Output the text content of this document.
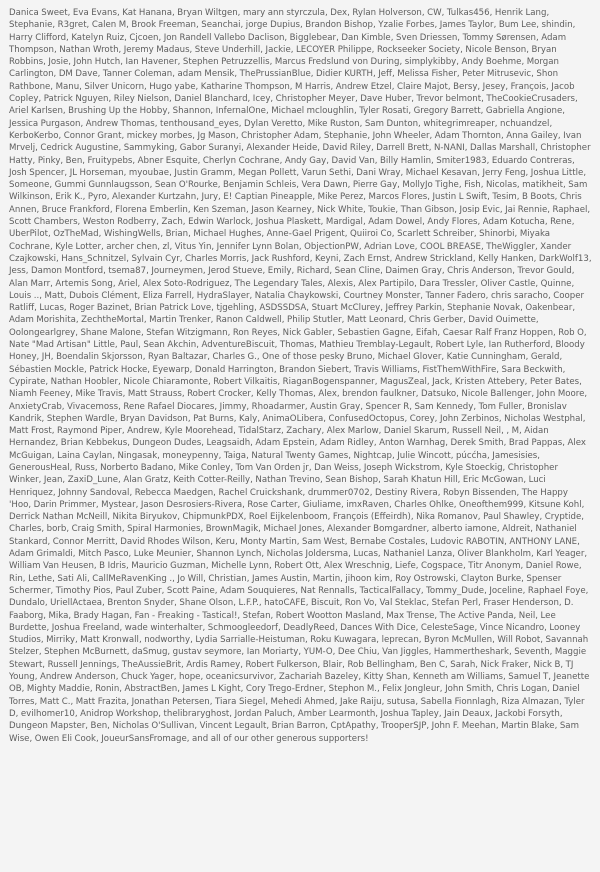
Danica Sweet, Eva Evans, Kat Hanana, Bryan Wiltgen, mary ann styrczula, Dex, Rylan Holverson, CW, Tulkas456, Henrik Lang, Stephanie, R3gret, Calen M, Brook Freeman, Seanchai, jorge Dupius, Brandon Bishop, Yzalie Forbes, James Taylor, Bum Lee, shindin, Harry Clifford, Katelyn Ruiz, Cjcoen, Jon Randell Vallebo Daclison, Bigglebear, Dan Kimble, Sven Driessen, Tommy Sørensen, Adam Thompson, Nathan Wroth, Jeremy Madaus, Steve Underhill, Jackie, LECOYER Philippe, Rockseeker Society, Nicole Benson, Bryan Robbins, Josie, John Hutch, Ian Havener, Stephen Petruzzellis, Marcus Fredslund von During, simplykibby, Andy Boehme, Morgan Carlington, DM Dave, Tanner Coleman, adam Mensik, ThePrussianBlue, Didier KURTH, Jeff, Melissa Fisher, Peter Mitrusevic, Shon Rathbone, Manu, Silver Unicorn, Hugo yabe, Katharine Thompson, M Harris, Andrew Etzel, Claire Majot, Bersy, Jesey, François, Jacob Copley, Patrick Nguyen, Riley Nielson, Daniel Blanchard, Icey, Christopher Meyer, Dave Huber, Trevor belmont, TheCookieCrusaders, Ariel Karlsen, Brushing Up the Hobby, Shannon, InfernalOne, Michael mcloughlin, Tyler Rosati, Gregory Barrett, Gabriella Angione, Jessica Purgason, Andrew Thomas, tenthousand_eyes, Dylan Veretto, Mike Ruston, Sam Dunton, whitegrimreaper, nchuandzel, KerboKerbo, Connor Grant, mickey morbes, Jg Mason, Christopher Adam, Stephanie, John Wheeler, Adam Thornton, Anna Gailey, Ivan Mrvelj, Cedrick Augustine, Sammyking, Gabor Suranyi, Alexander Heide, David Riley, Darrell Brett, N-NANI, Dallas Marshall, Christopher Hatty, Pinky, Ben, Fruitypebs, Abner Esquite, Cherlyn Cochrane, Andy Gay, David Van, Billy Hamlin, Smiter1983, Eduardo Contreras, Josh Spencer, JL Horseman, myoubae, Justin Gramm, Megan Pollett, Varun Sethi, Dani Wray, Michael Kesavan, Jerry Feng, Joshua Little, Someone, Gummi Gunnlaugsson, Sean O'Rourke, Benjamin Schleis, Vera Dawn, Pierre Gay, MollyJo Tighe, Fish, Nicolas, matikheit, Sam Wilkinson, Erik K., Pyro, Alexander Kurtzahn, Jury, E! Captian Pineapple, Mike Perez, Marcos Flores, Justin L Swift, Tesim, B Boots, Chris Annen, Bruce Frankford, Florena Emberlin, Ken Szeman, Jason Kearney, Nick White, Toukie, Than Gibson, Josip Evic, Jai Rennie, Raphael, Scott Chambers, Weston Rodberry, Zach, Edwin Warlock, Joshua Plaskett, Mardigal, Adam Dowel, Andy Flores, Adam Kotucha, Rene, UberPilot, OzTheMad, WishingWells, Brian, Michael Hughes, Anne-Gael Prigent, Quiiroi Co, Scarlett Schreiber, Shinorbi, Miyaka Cochrane, Kyle Lotter, archer chen, zl, Vitus Yin, Jennifer Lynn Bolan, ObjectionPW, Adrian Love, COOL BREASE, TheWiggler, Xander Czajkowski, Hans_Schnitzel, Sylvain Cyr, Charles Morris, Jack Rushford, Keyni, Zach Ernst, Andrew Strickland, Kelly Hanken, DarkWolf13, Jess, Damon Montford, tsema87, Journeymen, Jerod Stueve, Emily, Richard, Sean Cline, Daimen Gray, Chris Anderson, Trevor Gould, Alan Marr, Artemis Song, Ariel, Alex Soto-Rodriguez, The Legendary Tales, Alexis, Alex Partipilo, Dara Tressler, Oliver Castle, Quinne, Louis .., Matt, Dubois Clément, Eliza Farrell, HydraSlayer, Natalia Chaykowski, Courtney Monster, Tanner Fadero, chris saracho, Cooper Ratliff, Lucas, Roger Bazinet, Brian Patrick Love, tjgehling, ASDSSDSA, Stuart McClurey, Jeffrey Parkin, Stephanie Novak, Oakenbear, Adam Morishita, ZechtheMortal, Martin Trenker, Ranon Caldwell, Philip Stutler, Matt Leonard, Chris Gerber, David Ouimette, Oolongearlgrey, Shane Malone, Stefan Witzigmann, Ron Reyes, Nick Gabler, Sebastien Gagne, Eifah, Caesar Ralf Franz Hoppen, Rob O, Nate "Mad Artisan" Little, Paul, Sean Akchin, AdventureBiscuit, Thomas, Mathieu Tremblay-Legault, Robert Lyle, Ian Rutherford, Bloody Honey, JH, Boendalin Skjorsson, Ryan Baltazar, Charles G., One of those pesky Bruno, Michael Glover, Katie Cunningham, Gerald, Sébastien Mockle, Patrick Hocke, Eyewarp, Donald Harrington, Brandon Siebert, Travis Williams, FistThemWithFire, Sara Beckwith, Cypirate, Nathan Hoobler, Nicole Chiaramonte, Robert Vilkaitis, RiaganBogenspanner, MagusZeal, Jack, Kristen Attebery, Peter Bates, Niamh Feeney, Mike Travis, Matt Strauss, Robert Crocker, Kelly Thomas, Alex, brendon faulkner, Datsuko, Nicole Ballenger, John Moore, AnxietyCrab, Vivacemoss, Rene Rafael Diocares, Jimmy, Rhoadarmer, Austin Gray, Spencer R, Sam Kennedy, Tom Fuller, Bronislav Kandrik, Stephen Wardle, Bryan Davidson, Pat Burns, Kaly, AnimaOLibera, ConfusedOctopus, Corey, John Zerbinos, Nicholas Westphal, Matt Frost, Raymond Piper, Andrew, Kyle Moorehead, TidalStarz, Zachary, Alex Marlow, Daniel Skarum, Russell Neil, , M, Aidan Hernandez, Brian Kebbekus, Dungeon Dudes, Leagsaidh, Adam Epstein, Adam Ridley, Anton Warnhag, Derek Smith, Brad Pappas, Alex McGuigan, Laina Caylan, Ningasak, moneypenny, Taiga, Natural Twenty Games, Nightcap, Julie Wincott, púcćha, Jamesisies, GenerousHeal, Russ, Norberto Badano, Mike Conley, Tom Van Orden jr, Dan Weiss, Joseph Wickstrom, Kyle Stoeckig, Christopher Winker, Jean, ZaxiD_Lune, Alan Gratz, Keith Cotter-Reilly, Nathan Trevino, Sean Bishop, Sarah Khatun Hill, Eric McGowan, Luci Henriquez, Johnny Sandoval, Rebecca Maedgen, Rachel Cruickshank, drummer0702, Destiny Rivera, Robyn Bissenden, The Happy 'Hoo, Darin Primmer, Mystear, Jason Desrosiers-Rivera, Rose Carter, Giuliame, imxRaven, Charles Ohlke, Oneofthem999, Kitsune Kohl, Derrick Nathan McNeill, Nikita Biryukov, ChipmunkPDX, Roel Eijkelenboom, François (Effeirdh), Nika Romanov, Paul Shawley, Cryptide, Charles, borb, Craig Smith, Spiral Harmonies, BrownMagik, Michael Jones, Alexander Bomgardner, alberto iamone, Aldreit, Nathaniel Stankard, Connor Merritt, David Rhodes Wilson, Keru, Monty Martin, Sam West, Bernabe Costales, Ludovic RABOTIN, ANTHONY LANE, Adam Grimaldi, Mitch Pasco, Luke Meunier, Shannon Lynch, Nicholas Joldersma, Lucas, Nathaniel Lanza, Oliver Blankholm, Karl Yeager, William Van Heusen, B Idris, Mauricio Guzman, Michelle Lynn, Robert Ott, Alex Wreschnig, Liefe, Cogspace, Titr Anonym, Daniel Rowe, Rin, Lethe, Sati Ali, CallMeRavenKing ., Jo Will, Christian, James Austin, Martin, jihoon kim, Roy Ostrowski, Clayton Burke, Spenser Schermer, Timothy Pios, Paul Zuber, Scott Paine, Adam Souquieres, Nat Rennalls, TacticalFallacy, Tommy_Dude, Joceline, Raphael Foye, Dundalo, UriellActaea, Brenton Snyder, Shane Olson, L.F.P., hatoCAFE, Biscuit, Ron Vo, Val Steklac, Stefan Perl, Fraser Henderson, D. Faaborg, Mika, Brady Hagan, Fan - Freaking - Tastical!, Stefan, Robert Wootton Masland, Max Trense, The Active Panda, Neil, Lee Burdette, Joshua Freeland, wade winterhalter, Schmoogleedorf, DeadlyReed, Dances With Dice, CelesteSage, Vince Nicandro, Looney Studios, Mirriky, Matt Kronwall, nodworthy, Lydia Sarrialle-Heistuman, Roku Kuwagara, leprecan, Byron McMullen, Will Robot, Savannah Stelzer, Stephen McBurnett, daSmug, gustav seymore, Ian Moriarty, YUM-O, Dee Chiu, Van Jiggles, Hammertheshark, Seventh, Maggie Stewart, Russell Jennings, TheAussieBrit, Ardis Ramey, Robert Fulkerson, Blair, Rob Bellingham, Ben C, Sarah, Nick Fraker, Nick B, TJ Young, Andrew Anderson, Chuck Yager, hope, oceanicsurvivor, Zachariah Bazeley, Kitty Shan, Kenneth am Williams, Samuel T, Jeanette OB, Mighty Maddie, Ronin, AbstractBen, James L Kight, Cory Trego-Erdner, Stephon M., Felix Jongleur, John Smith, Chris Logan, Daniel Torres, Matt C., Matt Frazita, Jonathan Petersen, Tiara Siegel, Mehedi Ahmed, Jake Raiju, sutusa, Sabella Fionnlagh, Riza Almazan, Tyler D, evilhomer10, Anidrop Workshop, thelibraryghost, Jordan Paluch, Amber Learmonth, Joshua Tapley, Jain Deaux, Jackobi Forsyth, Dungeon Mapster, Ben, Nicholas O'Sullivan, Vincent Legault, Brian Barron, CptApathy, TrooperSJP, John F. Meehan, Martin Blake, Sam Wise, Owen Eli Cook, JoueurSansFromage, and all of our other generous supporters!
